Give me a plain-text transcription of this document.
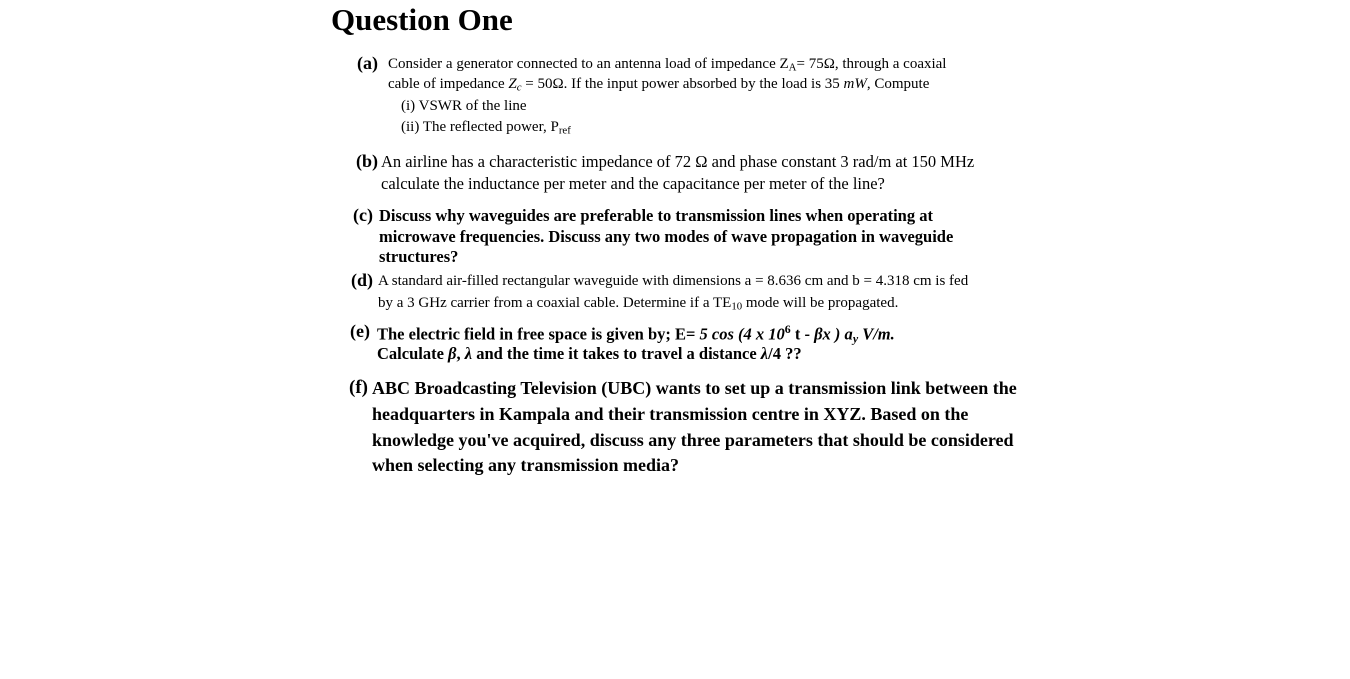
Question One
(a) Consider a generator connected to an antenna load of impedance $Z_A= 75\Omega$, through a coaxial
cable of impedance $Z_c = 50\Omega$. If the input power absorbed by the load is 35 mW, Compute
(i) VSWR of the line
(ii) The reflected power, $P_{ref}$
(b) An airline has a characteristic impedance of 72 Ω and phase constant 3 rad/m at 150 MHz
calculate the inductance per meter and the capacitance per meter of the line?
(c) Discuss why waveguides are preferable to transmission lines when operating at
microwave frequencies. Discuss any two modes of wave propagation in waveguide
structures?
(d) A standard air-filled rectangular waveguide with dimensions a = 8.636 cm and b = 4.318 cm is fed
by a 3 GHz carrier from a coaxial cable. Determine if a $TE_{10}$ mode will be propagated.
(e) The electric field in free space is given by; E= 5 cos (4 x $10^6$ t - βx ) $a_y$ V/m.
Calculate β, λ and the time it takes to travel a distance λ/4 ??
(f) ABC Broadcasting Television (UBC) wants to set up a transmission link between the
headquarters in Kampala and their transmission centre in XYZ. Based on the
knowledge you've acquired, discuss any three parameters that should be considered
when selecting any transmission media?
